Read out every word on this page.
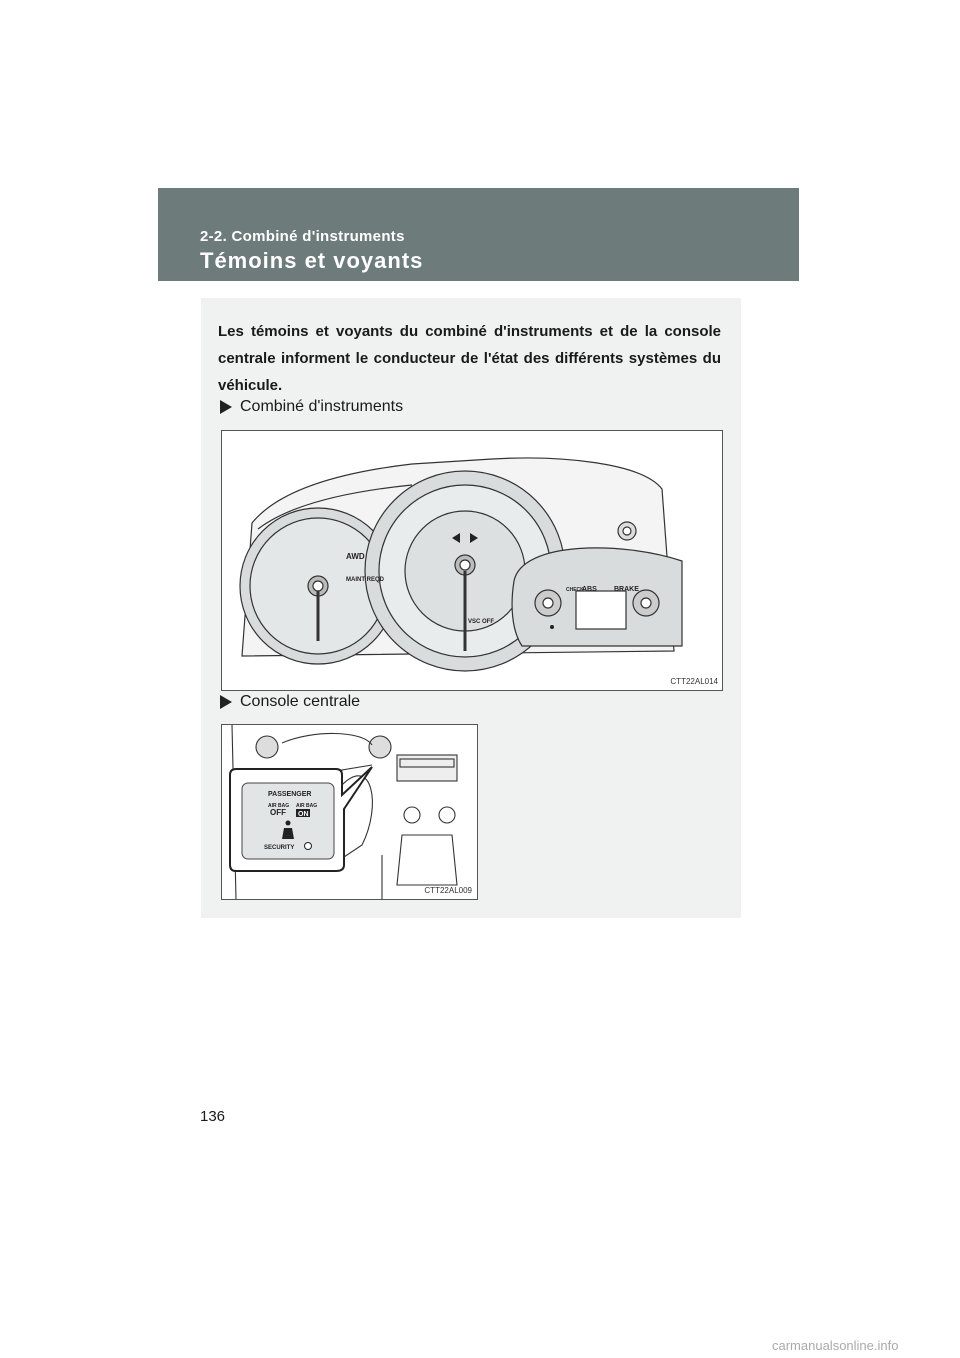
2-2. Combiné d'instruments
Témoins et voyants
Les témoins et voyants du combiné d'instruments et de la console centrale informent le conducteur de l'état des différents systèmes du véhicule.
Combiné d'instruments
AWD
MAINT REQD
VSC OFF
CHECK
ABS BRAKE
CTT22AL014
Console centrale
PASSENGER
AIR BAG
OFF
AIR BAG
ON
SECURITY
CTT22AL009
136
carmanualsonline.info
